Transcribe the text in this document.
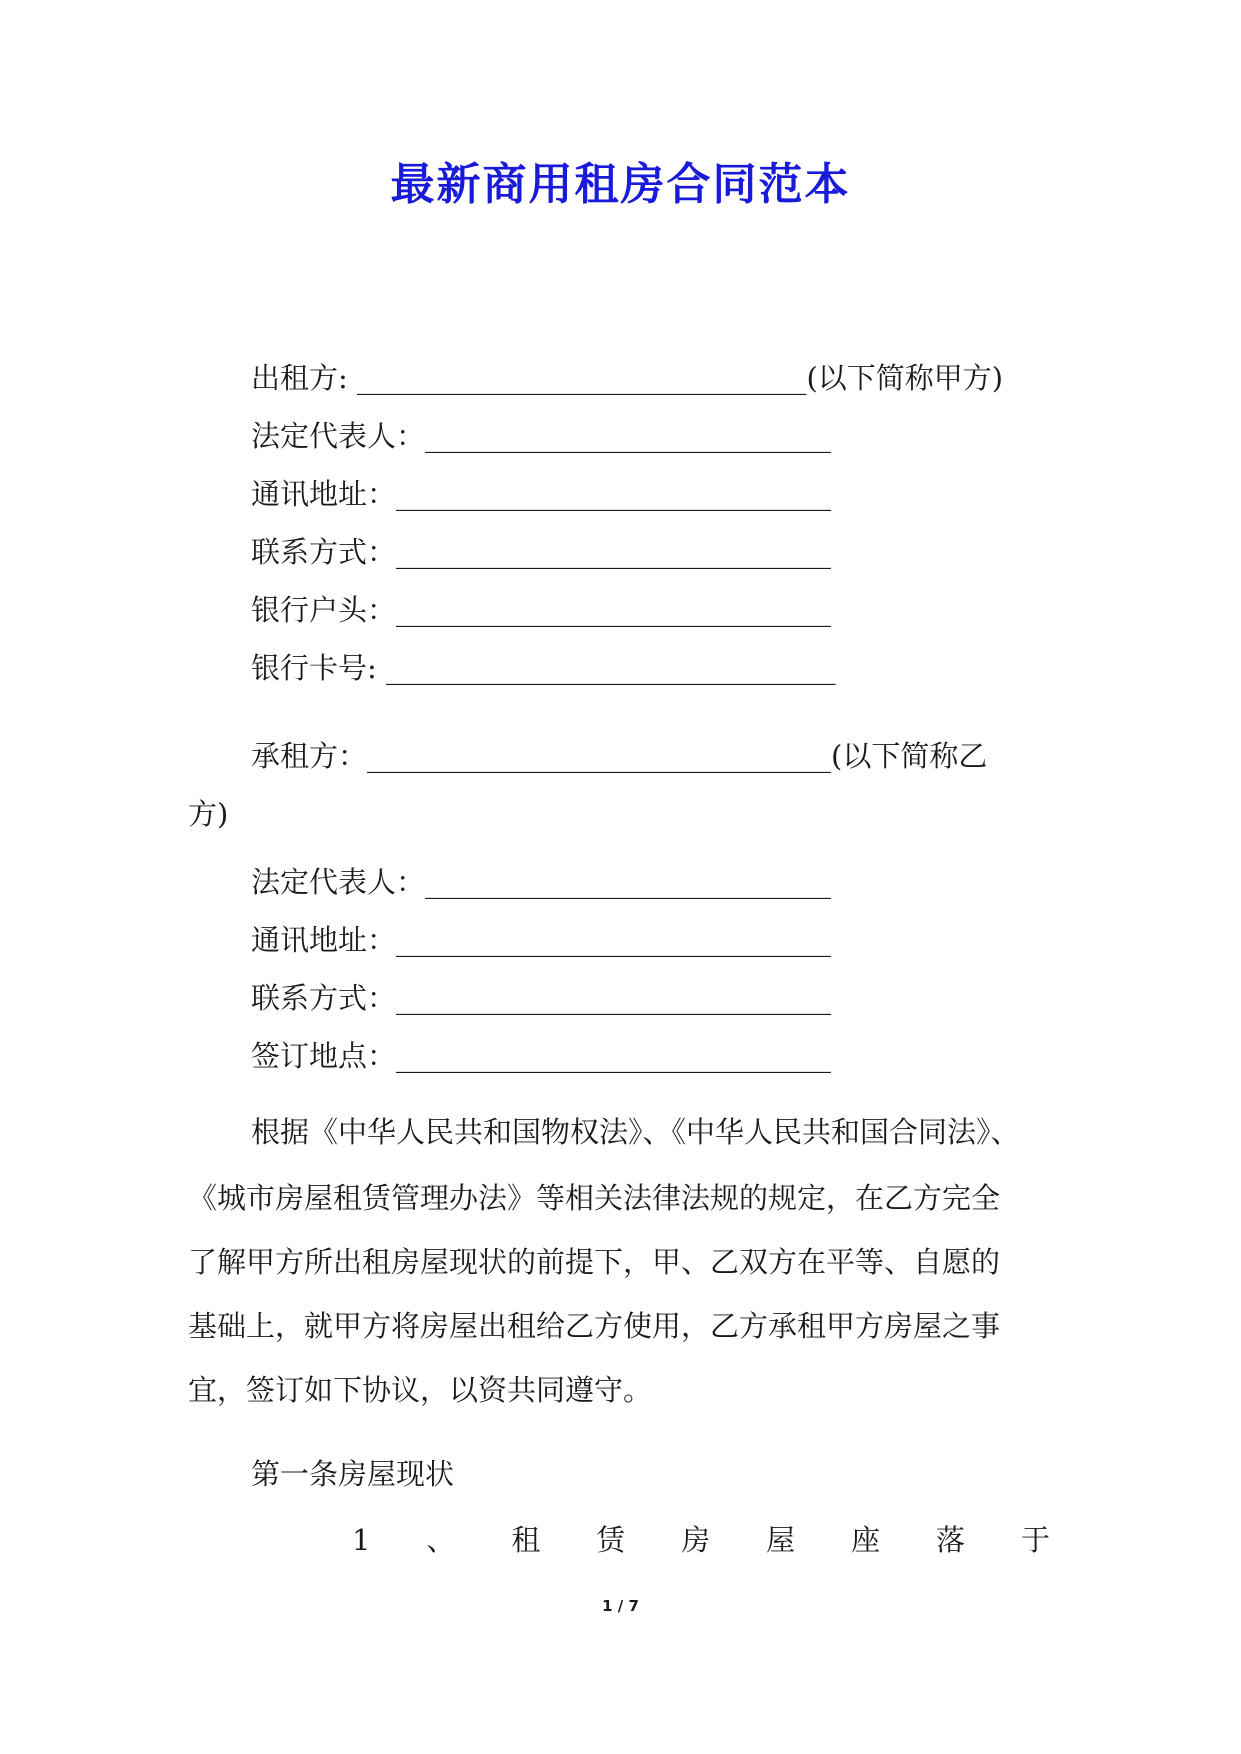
最新商用租房合同范本

出租方: _______________________________(以下简称甲方)

法定代表人：____________________________

通讯地址：______________________________

联系方式：______________________________

银行户头：______________________________

银行卡号: _______________________________

承租方：________________________________(以下简称乙

方)

法定代表人：____________________________

通讯地址：______________________________

联系方式：______________________________

签订地点：______________________________

根据《中华人民共和国物权法》、《中华人民共和国合同法》、

《城市房屋租赁管理办法》等相关法律法规的规定，在乙方完全

了解甲方所出租房屋现状的前提下，甲、乙双方在平等、自愿的

基础上，就甲方将房屋出租给乙方使用，乙方承租甲方房屋之事

宜，签订如下协议，以资共同遵守。

第一条房屋现状

1 、 租 赁 房 屋 座 落 于
1 / 7
